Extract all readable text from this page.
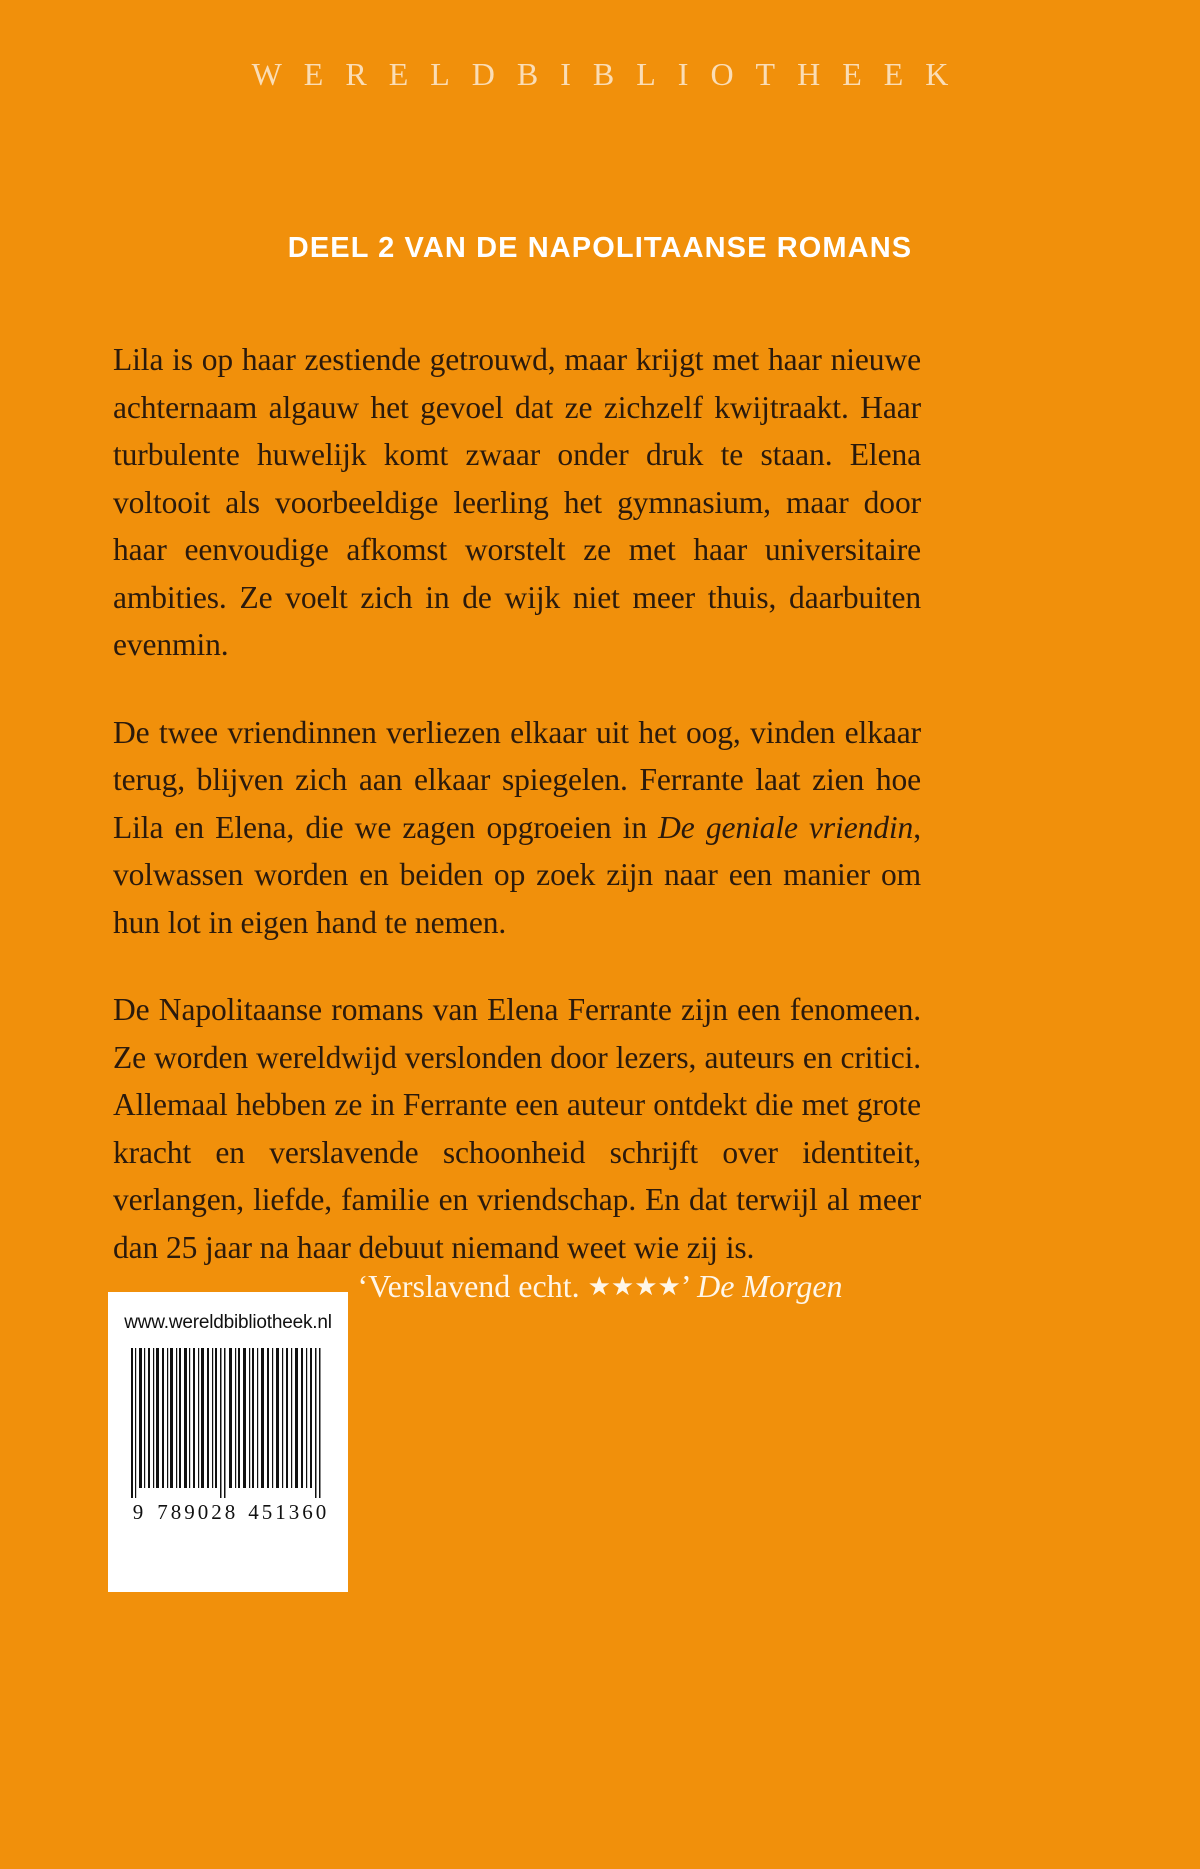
WERELDBIBLIOTHEEK
DEEL 2 VAN DE NAPOLITAANSE ROMANS

Lila is op haar zestiende getrouwd, maar krijgt met haar nieuwe achternaam algauw het gevoel dat ze zichzelf kwijtraakt. Haar turbulente huwelijk komt zwaar onder druk te staan. Elena voltooit als voorbeeldige leerling het gymnasium, maar door haar eenvoudige afkomst worstelt ze met haar universitaire ambities. Ze voelt zich in de wijk niet meer thuis, daarbuiten evenmin.

De twee vriendinnen verliezen elkaar uit het oog, vinden elkaar terug, blijven zich aan elkaar spiegelen. Ferrante laat zien hoe Lila en Elena, die we zagen opgroeien in De geniale vriendin, volwassen worden en beiden op zoek zijn naar een manier om hun lot in eigen hand te nemen.

De Napolitaanse romans van Elena Ferrante zijn een fenomeen. Ze worden wereldwijd verslonden door lezers, auteurs en critici. Allemaal hebben ze in Ferrante een auteur ontdekt die met grote kracht en verslavende schoonheid schrijft over identiteit, verlangen, liefde, familie en vriendschap. En dat terwijl al meer dan 25 jaar na haar debuut niemand weet wie zij is.

‘Verslavend echt. ★★★★’ De Morgen
www.wereldbibliotheek.nl
9 789028 451360
